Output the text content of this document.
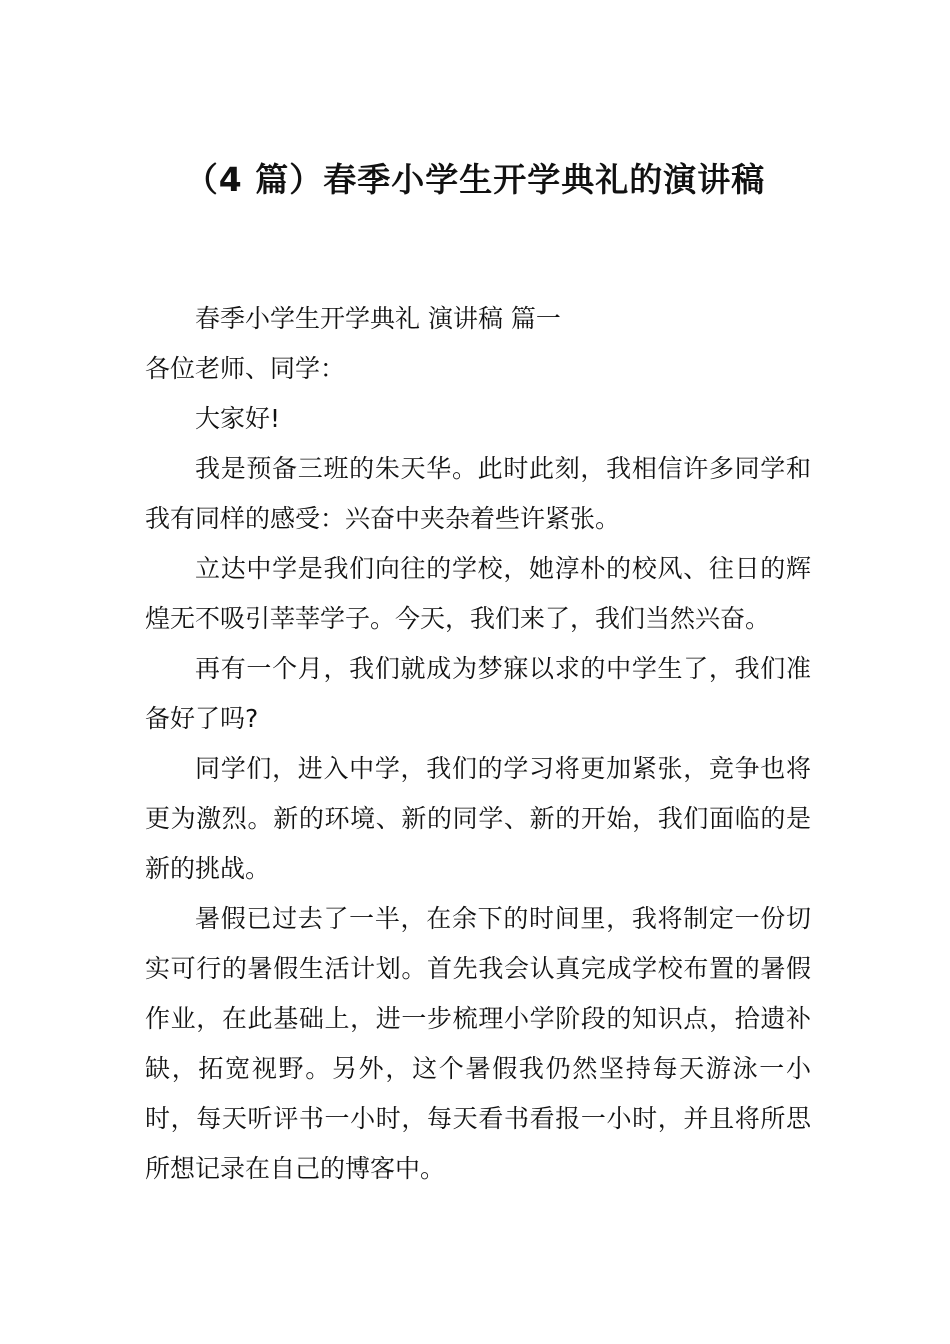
（4 篇）春季小学生开学典礼的演讲稿

春季小学生开学典礼 演讲稿 篇一

各位老师、同学：

大家好!

我是预备三班的朱天华。此时此刻，我相信许多同学和我有同样的感受：兴奋中夹杂着些许紧张。

立达中学是我们向往的学校，她淳朴的校风、往日的辉煌无不吸引莘莘学子。今天，我们来了，我们当然兴奋。

再有一个月，我们就成为梦寐以求的中学生了，我们准备好了吗?

同学们，进入中学，我们的学习将更加紧张，竞争也将更为激烈。新的环境、新的同学、新的开始，我们面临的是新的挑战。

暑假已过去了一半，在余下的时间里，我将制定一份切实可行的暑假生活计划。首先我会认真完成学校布置的暑假作业，在此基础上，进一步梳理小学阶段的知识点，拾遗补缺，拓宽视野。另外，这个暑假我仍然坚持每天游泳一小时，每天听评书一小时，每天看书看报一小时，并且将所思所想记录在自己的博客中。
